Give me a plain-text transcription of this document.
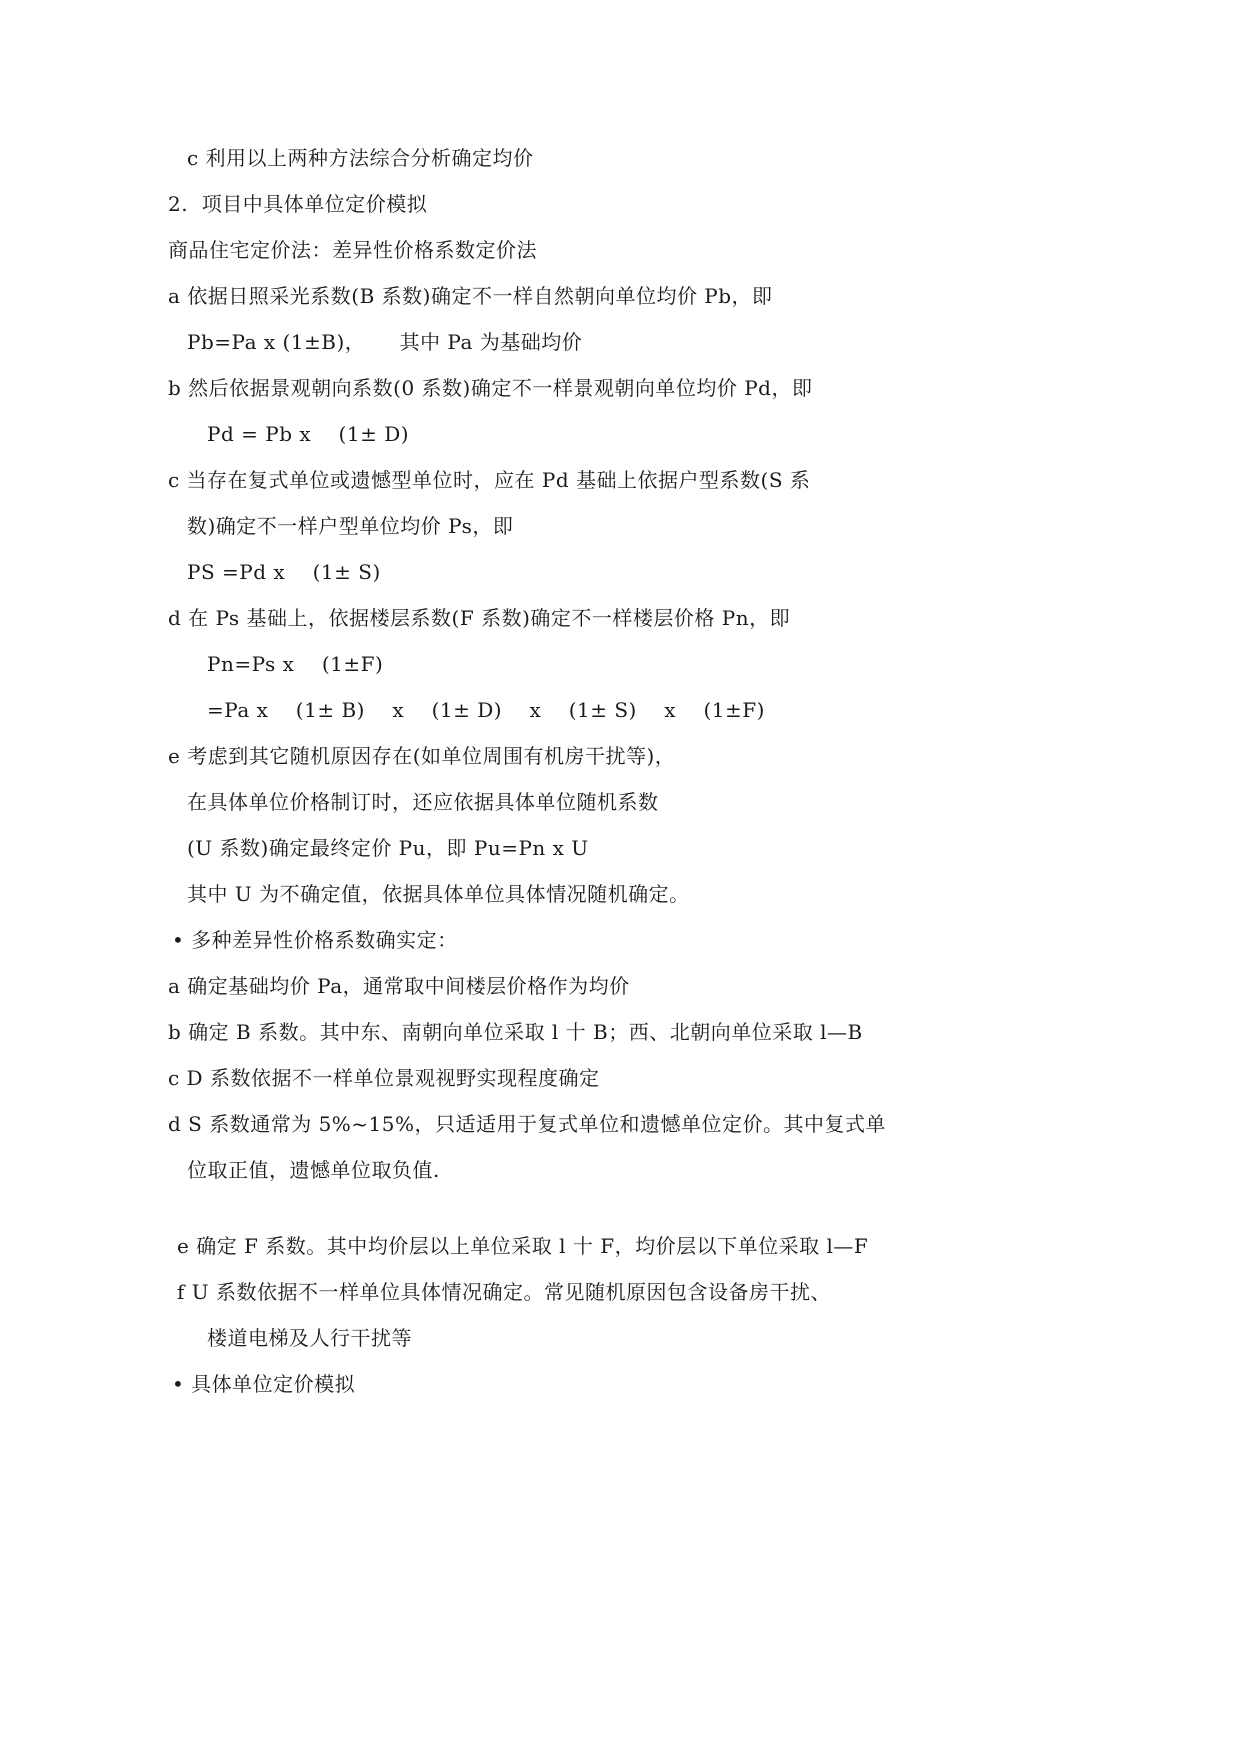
c 利用以上两种方法综合分析确定均价
2.  项目中具体单位定价模拟
商品住宅定价法：差异性价格系数定价法
a 依据日照采光系数(B 系数)确定不一样自然朝向单位均价 Pb，即
Pb=Pa x (1±B)，     其中 Pa 为基础均价
b 然后依据景观朝向系数(0 系数)确定不一样景观朝向单位均价 Pd，即
Pd = Pb x    (1± D)
c 当存在复式单位或遗憾型单位时，应在 Pd 基础上依据户型系数(S 系
数)确定不一样户型单位均价 Ps，即
PS =Pd x    (1± S)
d 在 Ps 基础上，依据楼层系数(F 系数)确定不一样楼层价格 Pn，即
Pn=Ps x    (1±F)
=Pa x    (1± B)    x    (1± D)    x    (1± S)    x    (1±F)
e 考虑到其它随机原因存在(如单位周围有机房干扰等)，
在具体单位价格制订时，还应依据具体单位随机系数
(U 系数)确定最终定价 Pu，即 Pu=Pn x U
其中 U 为不确定值，依据具体单位具体情况随机确定。
• 多种差异性价格系数确实定：
a 确定基础均价 Pa，通常取中间楼层价格作为均价
b 确定 B 系数。其中东、南朝向单位采取 l 十 B；西、北朝向单位采取 l—B
c D 系数依据不一样单位景观视野实现程度确定
d S 系数通常为 5%~15%，只适适用于复式单位和遗憾单位定价。其中复式单
位取正值，遗憾单位取负值.
e 确定 F 系数。其中均价层以上单位采取 l 十 F，均价层以下单位采取 l—F
f U 系数依据不一样单位具体情况确定。常见随机原因包含设备房干扰、
楼道电梯及人行干扰等
• 具体单位定价模拟
